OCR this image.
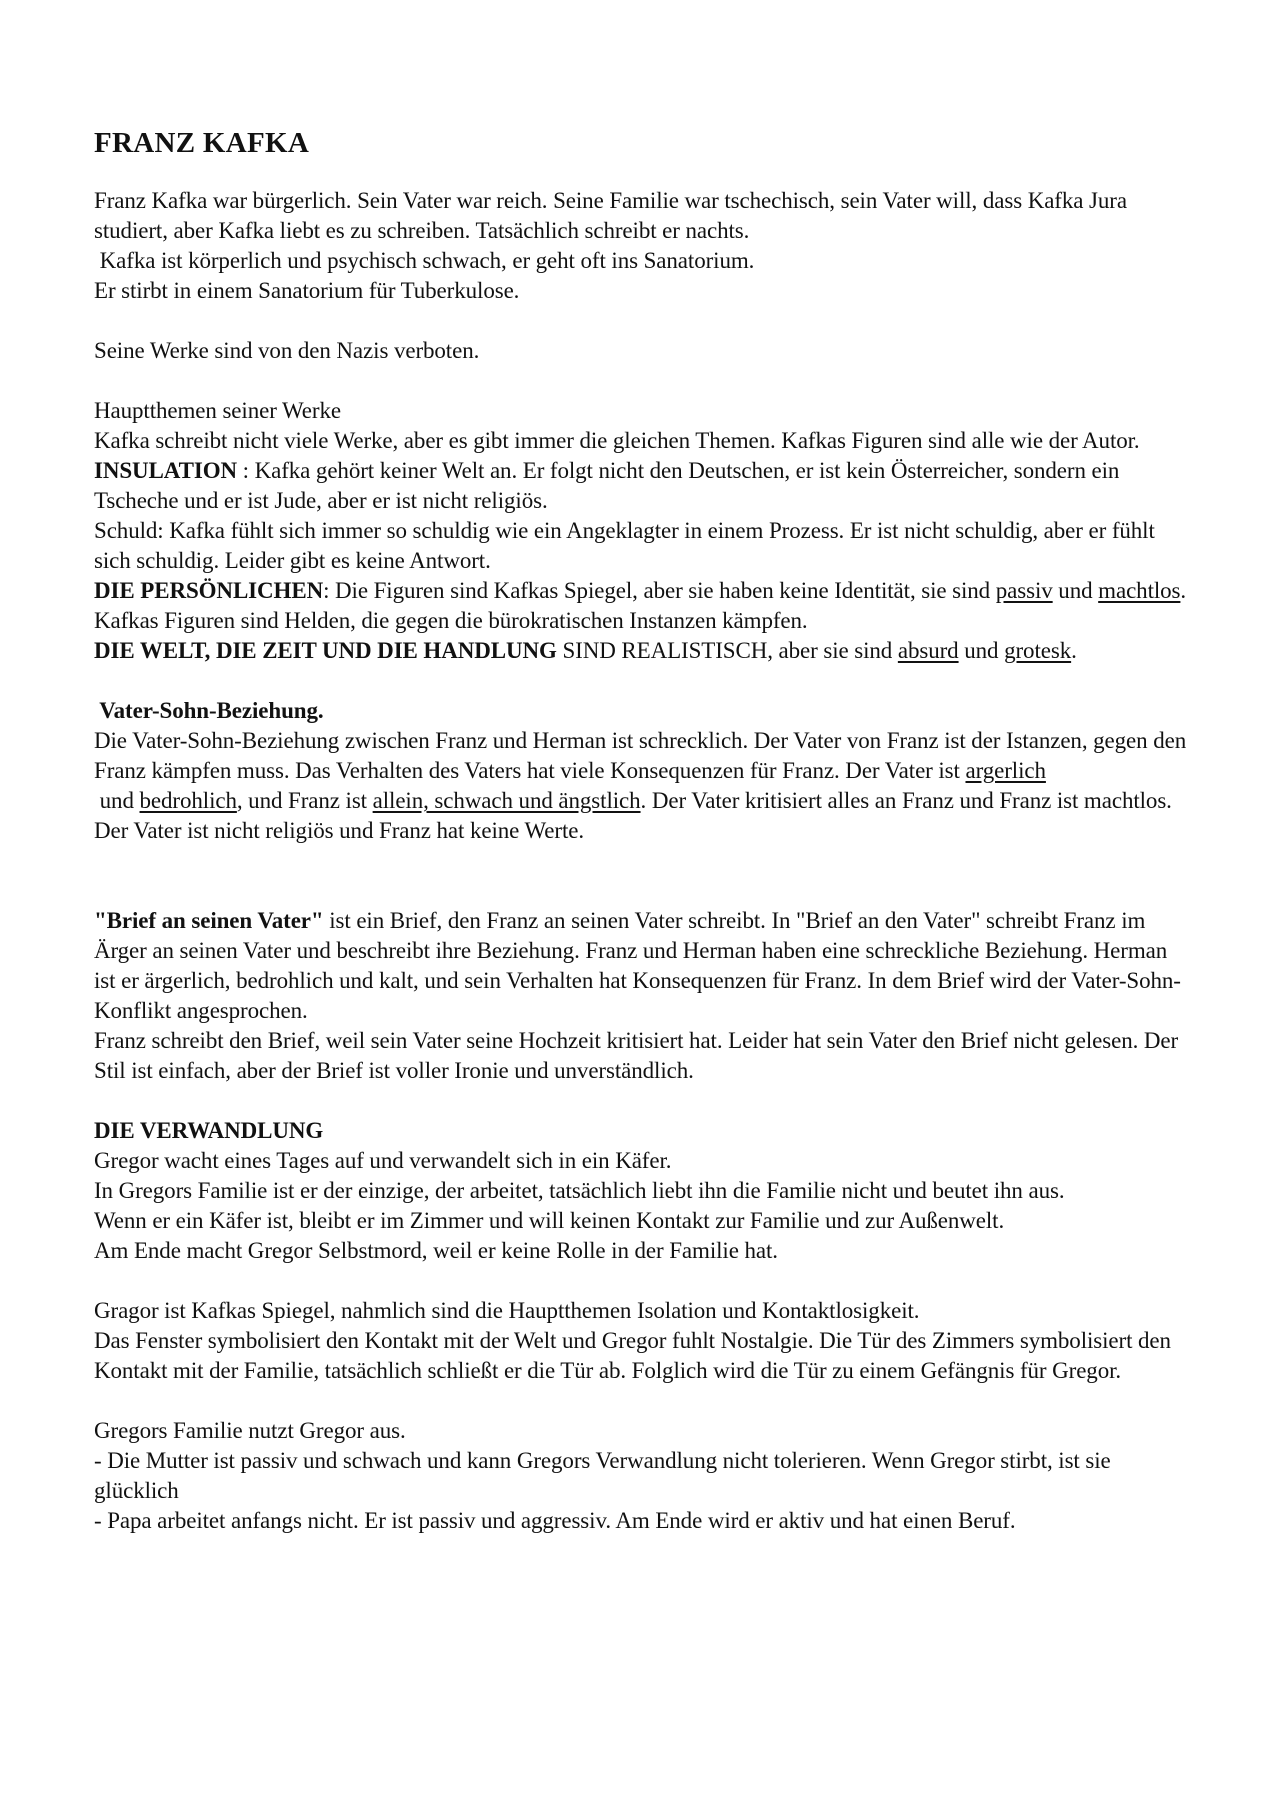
FRANZ KAFKA

Franz Kafka war bürgerlich. Sein Vater war reich. Seine Familie war tschechisch, sein Vater will, dass Kafka Jura studiert, aber Kafka liebt es zu schreiben. Tatsächlich schreibt er nachts.

Kafka ist körperlich und psychisch schwach, er geht oft ins Sanatorium.

Er stirbt in einem Sanatorium für Tuberkulose.

Seine Werke sind von den Nazis verboten.

Hauptthemen seiner Werke

Kafka schreibt nicht viele Werke, aber es gibt immer die gleichen Themen. Kafkas Figuren sind alle wie der Autor.

INSULATION : Kafka gehört keiner Welt an. Er folgt nicht den Deutschen, er ist kein Österreicher, sondern ein Tscheche und er ist Jude, aber er ist nicht religiös.

Schuld: Kafka fühlt sich immer so schuldig wie ein Angeklagter in einem Prozess. Er ist nicht schuldig, aber er fühlt sich schuldig. Leider gibt es keine Antwort.

DIE PERSÖNLICHEN: Die Figuren sind Kafkas Spiegel, aber sie haben keine Identität, sie sind passiv und machtlos.

Kafkas Figuren sind Helden, die gegen die bürokratischen Instanzen kämpfen.

DIE WELT, DIE ZEIT UND DIE HANDLUNG SIND REALISTISCH, aber sie sind absurd und grotesk.

Vater-Sohn-Beziehung.

Die Vater-Sohn-Beziehung zwischen Franz und Herman ist schrecklich. Der Vater von Franz ist der Istanzen, gegen den Franz kämpfen muss. Das Verhalten des Vaters hat viele Konsequenzen für Franz. Der Vater ist argerlich und bedrohlich, und Franz ist allein, schwach und ängstlich. Der Vater kritisiert alles an Franz und Franz ist machtlos. Der Vater ist nicht religiös und Franz hat keine Werte.

"Brief an seinen Vater" ist ein Brief, den Franz an seinen Vater schreibt. In "Brief an den Vater" schreibt Franz im Ärger an seinen Vater und beschreibt ihre Beziehung. Franz und Herman haben eine schreckliche Beziehung. Herman ist er ärgerlich, bedrohlich und kalt, und sein Verhalten hat Konsequenzen für Franz. In dem Brief wird der Vater-Sohn-Konflikt angesprochen.

Franz schreibt den Brief, weil sein Vater seine Hochzeit kritisiert hat. Leider hat sein Vater den Brief nicht gelesen. Der Stil ist einfach, aber der Brief ist voller Ironie und unverständlich.

DIE VERWANDLUNG

Gregor wacht eines Tages auf und verwandelt sich in ein Käfer.

In Gregors Familie ist er der einzige, der arbeitet, tatsächlich liebt ihn die Familie nicht und beutet ihn aus.

Wenn er ein Käfer ist, bleibt er im Zimmer und will keinen Kontakt zur Familie und zur Außenwelt.

Am Ende macht Gregor Selbstmord, weil er keine Rolle in der Familie hat.

Gragor ist Kafkas Spiegel, nahmlich sind die Hauptthemen Isolation und Kontaktlosigkeit.

Das Fenster symbolisiert den Kontakt mit der Welt und Gregor fuhlt Nostalgie. Die Tür des Zimmers symbolisiert den Kontakt mit der Familie, tatsächlich schließt er die Tür ab. Folglich wird die Tür zu einem Gefängnis für Gregor.

Gregors Familie nutzt Gregor aus.

- Die Mutter ist passiv und schwach und kann Gregors Verwandlung nicht tolerieren. Wenn Gregor stirbt, ist sie glücklich

- Papa arbeitet anfangs nicht. Er ist passiv und aggressiv. Am Ende wird er aktiv und hat einen Beruf.
